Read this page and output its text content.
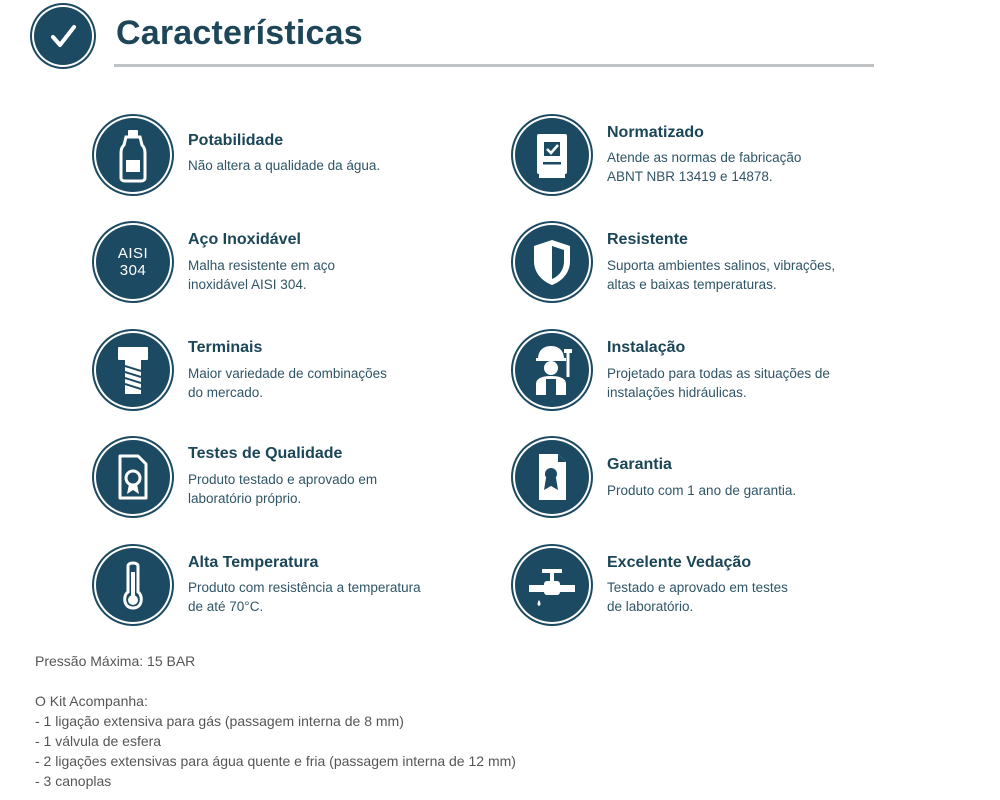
Características
Potabilidade

Não altera a qualidade da água.

Normatizado

Atende as normas de fabricação

ABNT NBR 13419 e 14878.

AISI
304
Aço Inoxidável

Malha resistente em aço

inoxidável AISI 304.

Resistente

Suporta ambientes salinos, vibrações,

altas e baixas temperaturas.

Terminais

Maior variedade de combinações

do mercado.

Instalação

Projetado para todas as situações de

instalações hidráulicas.

Testes de Qualidade

Produto testado e aprovado em

laboratório próprio.

Garantia

Produto com 1 ano de garantia.

Alta Temperatura

Produto com resistência a temperatura

de até 70°C.

Excelente Vedação

Testado e aprovado em testes

de laboratório.

Pressão Máxima: 15 BAR
O Kit Acompanha:
- 1 ligação extensiva para gás (passagem interna de 8 mm)
- 1 válvula de esfera
- 2 ligações extensivas para água quente e fria (passagem interna de 12 mm)
- 3 canoplas
